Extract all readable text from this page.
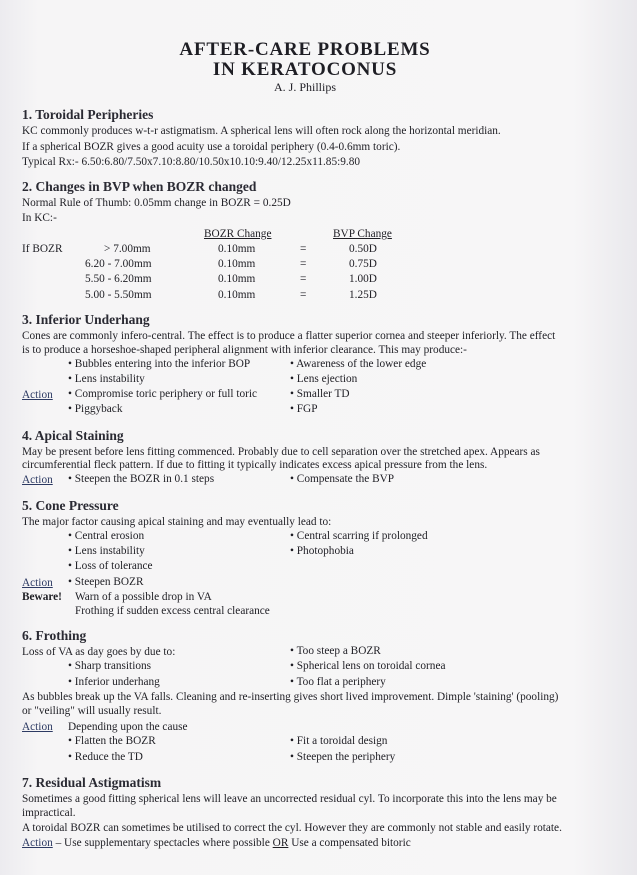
AFTER-CARE PROBLEMS
IN KERATOCONUS
A. J. Phillips
1. Toroidal Peripheries
KC commonly produces w-t-r astigmatism. A spherical lens will often rock along the horizontal meridian.
If a spherical BOZR gives a good acuity use a toroidal periphery (0.4-0.6mm toric).
Typical Rx:- 6.50:6.80/7.50x7.10:8.80/10.50x10.10:9.40/12.25x11.85:9.80
2. Changes in BVP when BOZR changed
Normal Rule of Thumb: 0.05mm change in BOZR = 0.25D
In KC:-
BOZR Change	BVP Change
If BOZR	> 7.00mm	0.10mm	=	0.50D
6.20 - 7.00mm	0.10mm	=	0.75D
5.50 - 6.20mm	0.10mm	=	1.00D
5.00 - 5.50mm	0.10mm	=	1.25D
3. Inferior Underhang
Cones are commonly infero-central. The effect is to produce a flatter superior cornea and steeper inferiorly. The effect
is to produce a horseshoe-shaped peripheral alignment with inferior clearance. This may produce:-
• Bubbles entering into the inferior BOP
• Lens instability
• Awareness of the lower edge
• Lens ejection
Action • Compromise toric periphery or full toric
• Piggyback
• Smaller TD
• FGP
4. Apical Staining
May be present before lens fitting commenced. Probably due to cell separation over the stretched apex. Appears as
circumferential fleck pattern. If due to fitting it typically indicates excess apical pressure from the lens.
Action • Steepen the BOZR in 0.1 steps	• Compensate the BVP
5. Cone Pressure
The major factor causing apical staining and may eventually lead to:
• Central erosion
• Lens instability
• Loss of tolerance
• Central scarring if prolonged
• Photophobia
Action • Steepen BOZR
Beware! Warn of a possible drop in VA
Frothing if sudden excess central clearance
6. Frothing
Loss of VA as day goes by due to:
• Sharp transitions
• Inferior underhang
• Too steep a BOZR
• Spherical lens on toroidal cornea
• Too flat a periphery
As bubbles break up the VA falls. Cleaning and re-inserting gives short lived improvement. Dimple 'staining' (pooling)
or "veiling" will usually result.
Action Depending upon the cause
• Flatten the BOZR
• Reduce the TD
• Fit a toroidal design
• Steepen the periphery
7. Residual Astigmatism
Sometimes a good fitting spherical lens will leave an uncorrected residual cyl. To incorporate this into the lens may be
impractical.
A toroidal BOZR can sometimes be utilised to correct the cyl. However they are commonly not stable and easily rotate.
Action – Use supplementary spectacles where possible OR Use a compensated bitoric
